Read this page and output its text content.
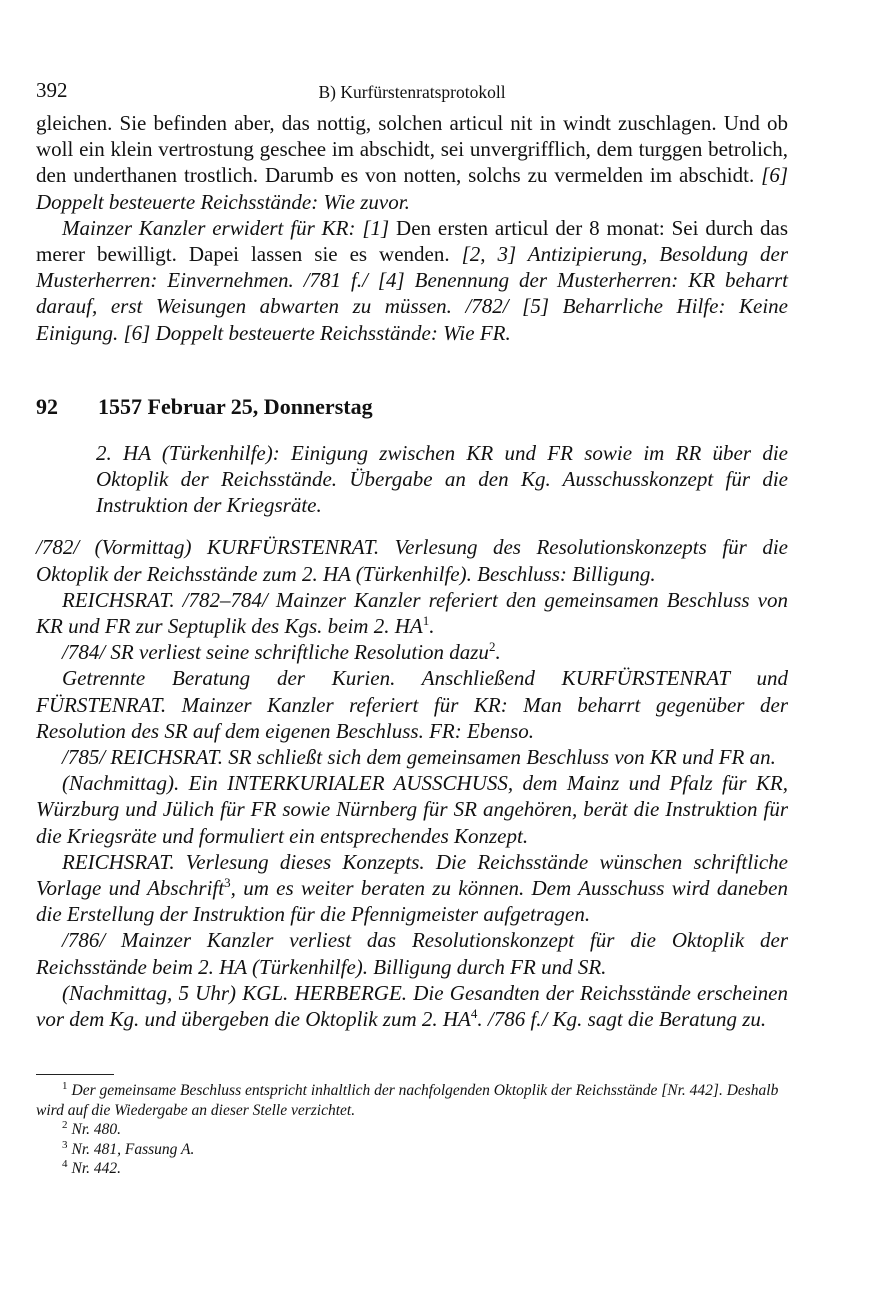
392	B) Kurfürstenratsprotokoll

gleichen. Sie befinden aber, das nottig, solchen articul nit in windt zuschlagen. Und ob woll ein klein vertrostung geschee im abschidt, sei unvergrifflich, dem turggen betrolich, den underthanen trostlich. Darumb es von notten, solchs zu vermelden im abschidt. [6] Doppelt besteuerte Reichsstände: Wie zuvor.

Mainzer Kanzler erwidert für KR: [1] Den ersten articul der 8 monat: Sei durch das merer bewilligt. Dapei lassen sie es wenden. [2, 3] Antizipierung, Besoldung der Musterherren: Einvernehmen. /781 f./ [4] Benennung der Musterherren: KR beharrt darauf, erst Weisungen abwarten zu müssen. /782/ [5] Beharrliche Hilfe: Keine Einigung. [6] Doppelt besteuerte Reichsstände: Wie FR.

92	1557 Februar 25, Donnerstag
2. HA (Türkenhilfe): Einigung zwischen KR und FR sowie im RR über die Oktoplik der Reichsstände. Übergabe an den Kg. Ausschusskonzept für die Instruktion der Kriegsräte.

/782/ (Vormittag) KURFÜRSTENRAT. Verlesung des Resolutionskonzepts für die Oktoplik der Reichsstände zum 2. HA (Türkenhilfe). Beschluss: Billigung.

REICHSRAT. /782–784/ Mainzer Kanzler referiert den gemeinsamen Beschluss von KR und FR zur Septuplik des Kgs. beim 2. $HA^1$.

/784/ SR verliest seine schriftliche Resolution dazu$^2$.

Getrennte Beratung der Kurien. Anschließend KURFÜRSTENRAT und FÜRSTENRAT. Mainzer Kanzler referiert für KR: Man beharrt gegenüber der Resolution des SR auf dem eigenen Beschluss. FR: Ebenso.

/785/ REICHSRAT. SR schließt sich dem gemeinsamen Beschluss von KR und FR an.

(Nachmittag). Ein INTERKURIALER AUSSCHUSS, dem Mainz und Pfalz für KR, Würzburg und Jülich für FR sowie Nürnberg für SR angehören, berät die Instruktion für die Kriegsräte und formuliert ein entsprechendes Konzept.

REICHSRAT. Verlesung dieses Konzepts. Die Reichsstände wünschen schriftliche Vorlage und Abschrift$^3$, um es weiter beraten zu können. Dem Ausschuss wird daneben die Erstellung der Instruktion für die Pfennigmeister aufgetragen.

/786/ Mainzer Kanzler verliest das Resolutionskonzept für die Oktoplik der Reichsstände beim 2. HA (Türkenhilfe). Billigung durch FR und SR.

(Nachmittag, 5 Uhr) KGL. HERBERGE. Die Gesandten der Reichsstände erscheinen vor dem Kg. und übergeben die Oktoplik zum 2. $HA^4$. /786 f./ Kg. sagt die Beratung zu.

$^1$ Der gemeinsame Beschluss entspricht inhaltlich der nachfolgenden Oktoplik der Reichsstände [Nr. 442]. Deshalb wird auf die Wiedergabe an dieser Stelle verzichtet.

$^2$ Nr. 480.

$^3$ Nr. 481, Fassung A.

$^4$ Nr. 442.
